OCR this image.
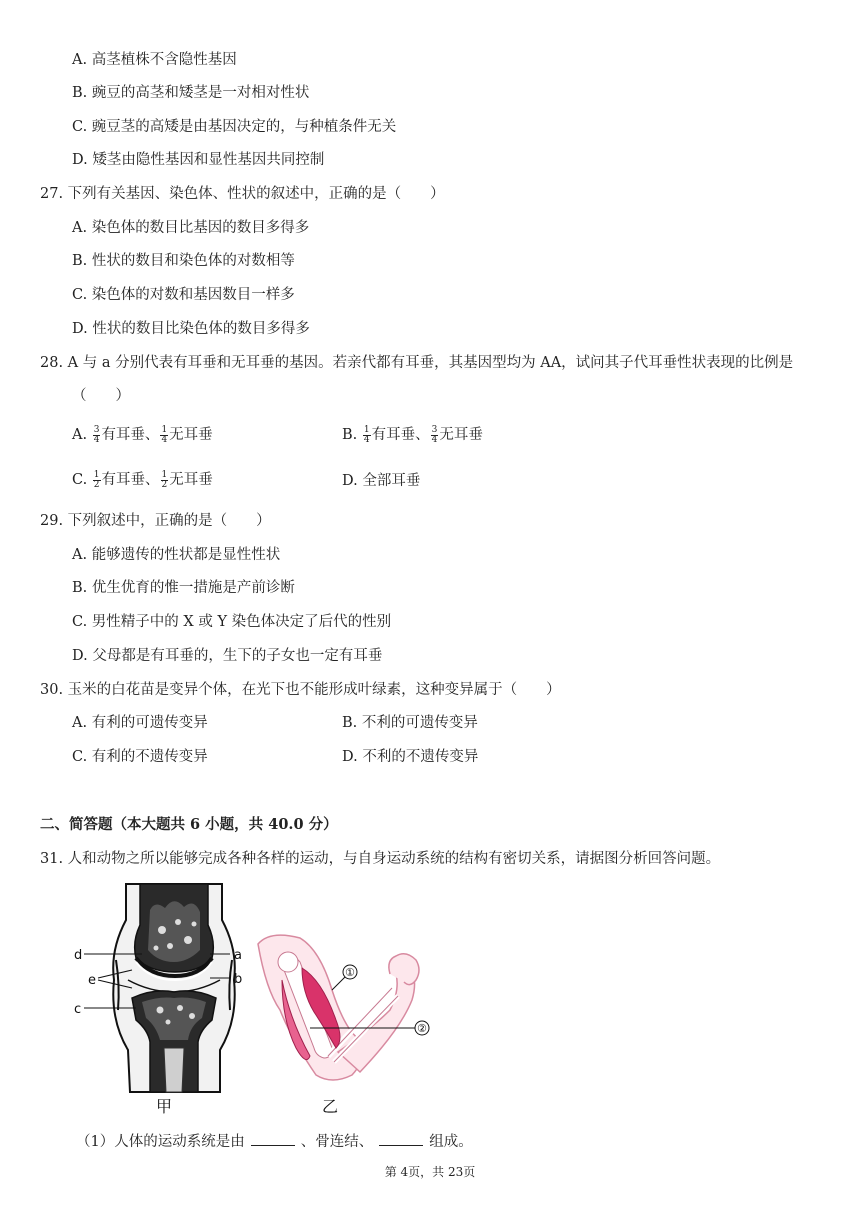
A. 高茎植株不含隐性基因
B. 豌豆的高茎和矮茎是一对相对性状
C. 豌豆茎的高矮是由基因决定的，与种植条件无关
D. 矮茎由隐性基因和显性基因共同控制
27. 下列有关基因、染色体、性状的叙述中，正确的是（　　）
A. 染色体的数目比基因的数目多得多
B. 性状的数目和染色体的对数相等
C. 染色体的对数和基因数目一样多
D. 性状的数目比染色体的数目多得多
28. A 与 a 分别代表有耳垂和无耳垂的基因。若亲代都有耳垂，其基因型均为 AA，试问其子代耳垂性状表现的比例是
（　　）
A. $\frac{3}{4}$ 有耳垂、 $\frac{1}{4}$ 无耳垂	B. $\frac{1}{4}$ 有耳垂、 $\frac{3}{4}$ 无耳垂
C. $\frac{1}{2}$ 有耳垂、 $\frac{1}{2}$ 无耳垂	D. 全部耳垂
29. 下列叙述中，正确的是（　　）
A. 能够遗传的性状都是显性性状
B. 优生优育的惟一措施是产前诊断
C. 男性精子中的 X 或 Y 染色体决定了后代的性别
D. 父母都是有耳垂的，生下的子女也一定有耳垂
30. 玉米的白花苗是变异个体，在光下也不能形成叶绿素，这种变异属于（　　）
A. 有利的可遗传变异	B. 不利的可遗传变异
C. 有利的不遗传变异	D. 不利的不遗传变异
二、简答题（本大题共 6 小题，共 40.0 分）
31. 人和动物之所以能够完成各种各样的运动，与自身运动系统的结构有密切关系，请据图分析回答问题。
d
e
c
a
b
甲
①
②
乙
（1）人体的运动系统是由	、骨连结、	组成。
第 4页，共 23页
